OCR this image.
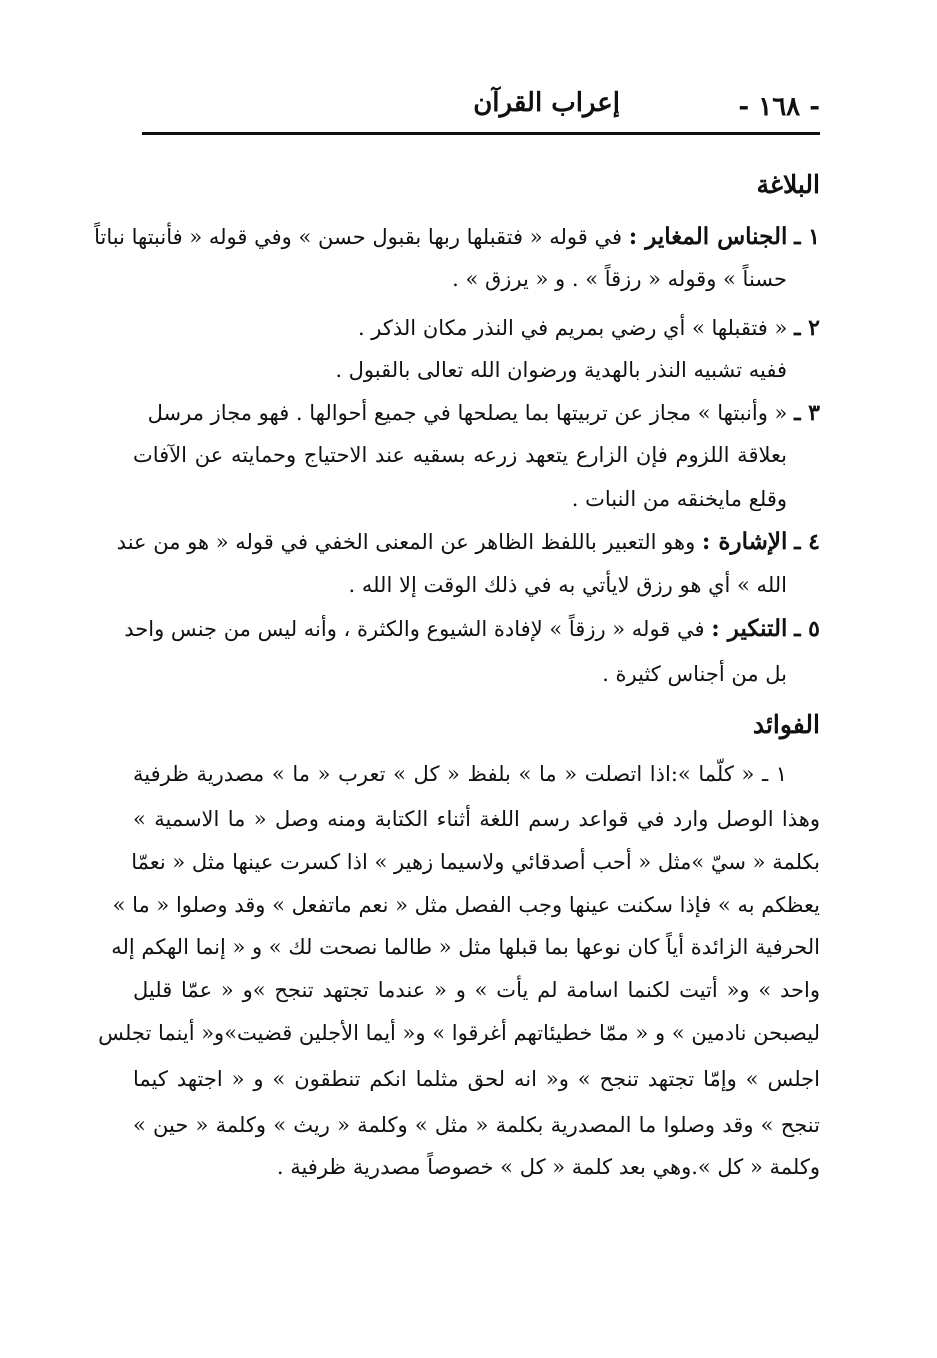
- ١٦٨ -
إعراب القرآن
البلاغة
١ ـ الجناس المغاير : في قوله « فتقبلها ربها بقبول حسن » وفي قوله « فأنبتها نباتاً
حسناً » وقوله « رزقاً » . و « يرزق » .
٢ ـ « فتقبلها » أي رضي بمريم في النذر مكان الذكر .
ففيه تشبيه النذر بالهدية ورضوان الله تعالى بالقبول .
٣ ـ « وأنبتها » مجاز عن تربيتها بما يصلحها في جميع أحوالها . فهو مجاز مرسل
بعلاقة اللزوم فإن الزارع يتعهد زرعه بسقيه عند الاحتياج وحمايته عن الآفات
وقلع مايخنقه من النبات .
٤ ـ الإشارة : وهو التعبير باللفظ الظاهر عن المعنى الخفي في قوله « هو من عند
الله » أي هو رزق لايأتي به في ذلك الوقت إلا الله .
٥ ـ التنكير : في قوله « رزقاً » لإفادة الشيوع والكثرة ، وأنه ليس من جنس واحد
بل من أجناس كثيرة .
الفوائد
١ ـ « كلّما »:اذا اتصلت « ما » بلفظ « كل » تعرب « ما » مصدرية ظرفية
وهذا الوصل وارد في قواعد رسم اللغة أثناء الكتابة ومنه وصل « ما الاسمية »
بكلمة « سيّ »مثل « أحب أصدقائي ولاسيما زهير » اذا كسرت عينها مثل « نعمّا
يعظكم به » فإذا سكنت عينها وجب الفصل مثل « نعم ماتفعل » وقد وصلوا « ما »
الحرفية الزائدة أياً كان نوعها بما قبلها مثل « طالما نصحت لك » و « إنما الهكم إله
واحد » و« أتيت لكنما اسامة لم يأت » و « عندما تجتهد تنجح »و « عمّا قليل
ليصبحن نادمين » و « ممّا خطيئاتهم أغرقوا » و« أيما الأجلين قضيت»و« أينما تجلس
اجلس » وإمّا تجتهد تنجح » و« انه لحق مثلما انكم تنطقون » و « اجتهد كيما
تنجح » وقد وصلوا ما المصدرية بكلمة « مثل » وكلمة « ريث » وكلمة « حين »
وكلمة « كل ».وهي بعد كلمة « كل » خصوصاً مصدرية ظرفية .
